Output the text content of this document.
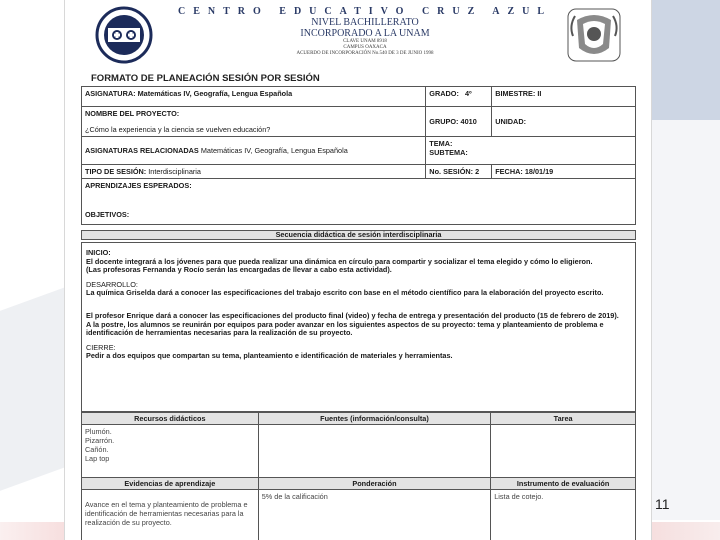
CENTRO EDUCATIVO CRUZ AZUL
NIVEL BACHILLERATO
INCORPORADO A LA UNAM
CLAVE UNAM 8918
CAMPUS OAXACA
ACUERDO DE INCORPORACIÓN No.540 DE 3 DE JUNIO 1998
FORMATO DE PLANEACIÓN SESIÓN POR SESIÓN
ASIGNATURA: Matemáticas IV, Geografía, Lengua Española	GRADO: 4º	BIMESTRE: II

NOMBRE DEL PROYECTO:
¿Cómo la experiencia y la ciencia se vuelven educación?	GRUPO: 4010	UNIDAD:
ASIGNATURAS RELACIONADAS Matemáticas IV, Geografía, Lengua Española	TEMA:
SUBTEMA:	

TIPO DE SESIÓN: Interdisciplinaria	No. SESIÓN: 2	FECHA: 18/01/19

APRENDIZAJES ESPERADOS:
OBJETIVOS:		
Secuencia didáctica de sesión interdisciplinaria
INICIO:
El docente integrará a los jóvenes para que pueda realizar una dinámica en círculo para compartir y socializar el tema elegido y cómo lo eligieron.
(Las profesoras Fernanda y Rocío serán las encargadas de llevar a cabo esta actividad).
DESARROLLO:
La química Griselda dará a conocer las especificaciones del trabajo escrito con base en el método científico para la elaboración del proyecto escrito.
El profesor Enrique dará a conocer las especificaciones del producto final (video) y fecha de entrega y presentación del producto (15 de febrero de 2019).
A la postre, los alumnos se reunirán por equipos para poder avanzar en los siguientes aspectos de su proyecto: tema y planteamiento de problema e identificación de herramientas necesarias para la realización de su proyecto.
CIERRE:
Pedir a dos equipos que compartan su tema, planteamiento e identificación de materiales y herramientas.
Recursos didácticos	Fuentes (información/consulta)	Tarea

Plumón.
Pizarrón.
Cañón.
Lap top		

Evidencias de aprendizaje	Ponderación	Instrumento de evaluación
Avance en el tema y planteamiento de problema e identificación de herramientas necesarias para la realización de su proyecto.	5% de la calificación	Lista de cotejo.	11
